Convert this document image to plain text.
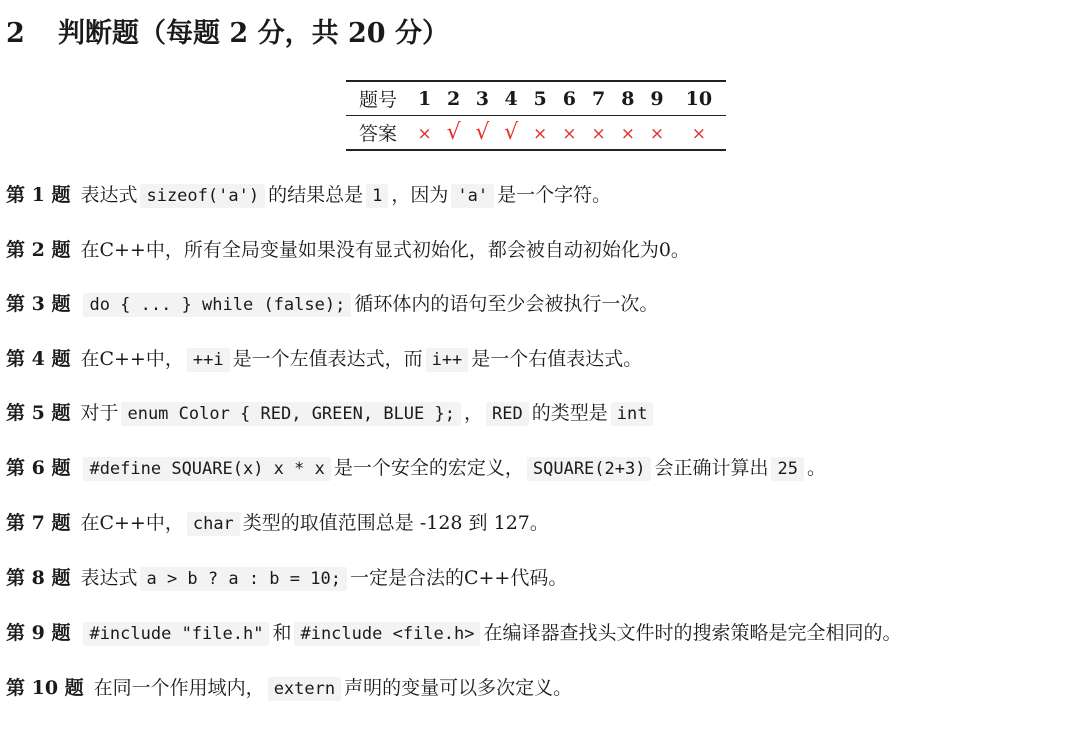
2 判断题（每题 2 分，共 20 分）
题号	1	2	3	4	5	6	7	8	9	10
答案	×	√	√	√	×	×	×	×	×	×

第 1 题 表达式 sizeof('a') 的结果总是 1 ，因为 'a' 是一个字符。

第 2 题 在C++中，所有全局变量如果没有显式初始化，都会被自动初始化为0。

第 3 题 do { ... } while (false); 循环体内的语句至少会被执行一次。

第 4 题 在C++中， ++i 是一个左值表达式，而 i++ 是一个右值表达式。

第 5 题 对于 enum Color { RED, GREEN, BLUE }; ， RED 的类型是 int

第 6 题 #define SQUARE(x) x * x 是一个安全的宏定义， SQUARE(2+3) 会正确计算出 25 。

第 7 题 在C++中， char 类型的取值范围总是 -128 到 127。

第 8 题 表达式 a > b ? a : b = 10; 一定是合法的C++代码。

第 9 题 #include "file.h" 和 #include <file.h> 在编译器查找头文件时的搜索策略是完全相同的。

第 10 题 在同一个作用域内， extern 声明的变量可以多次定义。
